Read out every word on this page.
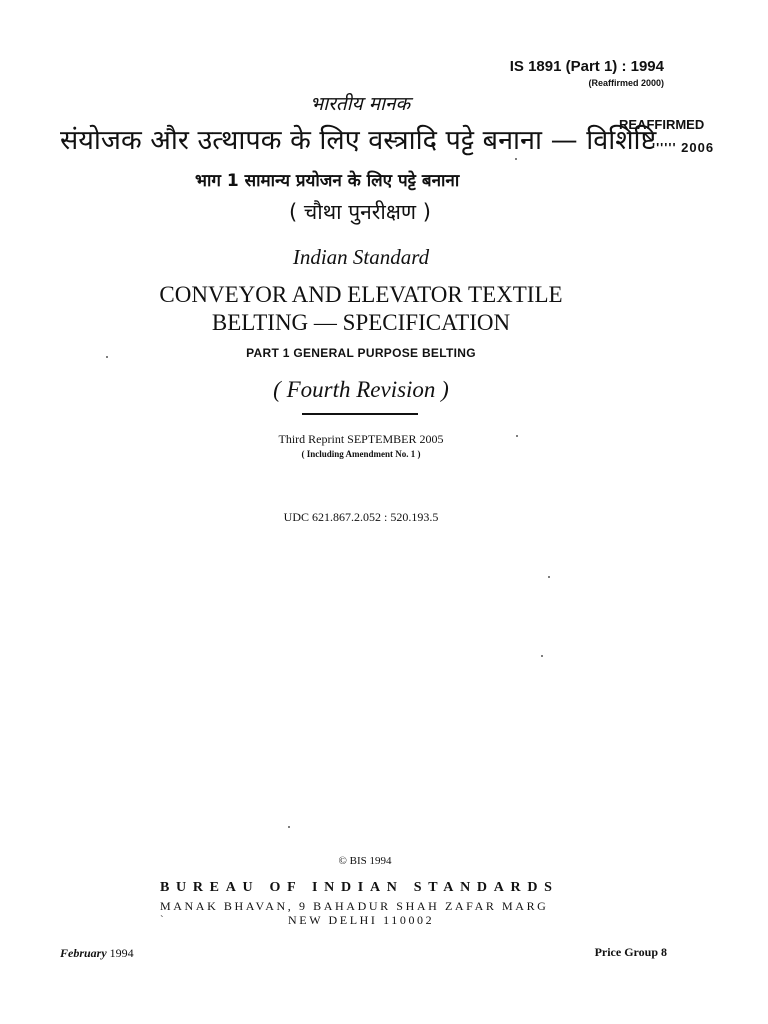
IS 1891 (Part 1) : 1994
(Reaffirmed 2000)
भारतीय मानक
संयोजक और उत्थापक के लिए वस्त्रादि पट्टे बनाना — विशिष्टि
REAFFIRMED
'''''' 2006
भाग 1 सामान्य प्रयोजन के लिए पट्टे बनाना
( चौथा पुनरीक्षण )
Indian Standard
CONVEYOR AND ELEVATOR TEXTILE
BELTING — SPECIFICATION
PART 1 GENERAL PURPOSE BELTING
( Fourth Revision )
Third Reprint SEPTEMBER 2005
( Including Amendment No. 1 )
UDC 621.867.2.052 : 520.193.5
© BIS 1994
BUREAU OF INDIAN STANDARDS
MANAK BHAVAN, 9 BAHADUR SHAH ZAFAR MARG
`	NEW DELHI 110002
February 1994	Price Group 8
